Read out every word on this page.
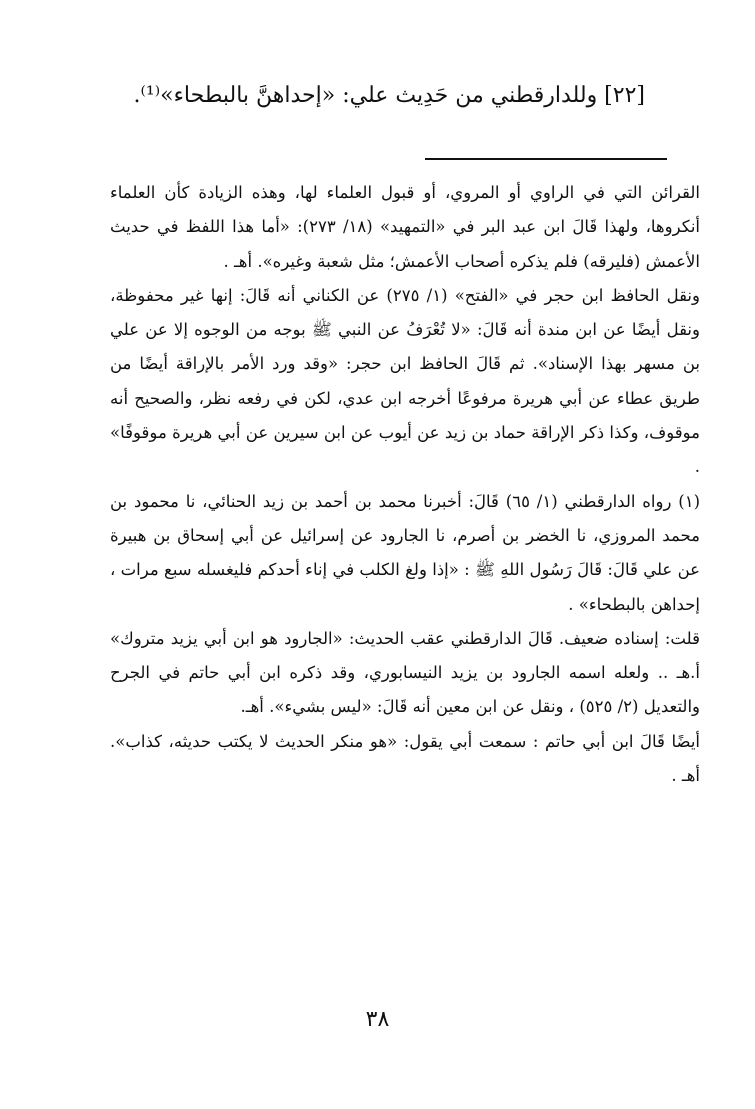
[٢٢] وللدارقطني من حَدِيث علي: «إحداهنَّ بالبطحاء»⁽¹⁾.

القرائن التي في الراوي أو المروي، أو قبول العلماء لها، وهذه الزيادة كأن العلماء أنكروها، ولهذا قَالَ ابن عبد البر في «التمهيد» (١٨/ ٢٧٣): «أما هذا اللفظ في حديث الأعمش (فليرقه) فلم يذكره أصحاب الأعمش؛ مثل شعبة وغيره». أهـ .

ونقل الحافظ ابن حجر في «الفتح» (١/ ٢٧٥) عن الكناني أنه قَالَ: إنها غير محفوظة، ونقل أيضًا عن ابن مندة أنه قَالَ: «لا تُعْرَفُ عن النبي ﷺ بوجه من الوجوه إلا عن علي بن مسهر بهذا الإسناد». ثم قَالَ الحافظ ابن حجر: «وقد ورد الأمر بالإراقة أيضًا من طريق عطاء عن أبي هريرة مرفوعًا أخرجه ابن عدي، لكن في رفعه نظر، والصحيح أنه موقوف، وكذا ذكر الإراقة حماد بن زيد عن أيوب عن ابن سيرين عن أبي هريرة موقوفًا» .

(١) رواه الدارقطني (١/ ٦٥) قَالَ: أخبرنا محمد بن أحمد بن زيد الحنائي، نا محمود بن محمد المروزي، نا الخضر بن أصرم، نا الجارود عن إسرائيل عن أبي إسحاق بن هبيرة عن علي قَالَ: قَالَ رَسُول اللهِ ﷺ : «إذا ولغ الكلب في إناء أحدكم فليغسله سبع مرات ، إحداهن بالبطحاء» .

قلت: إسناده ضعيف. قَالَ الدارقطني عقب الحديث: «الجارود هو ابن أبي يزيد متروك» أ.هـ .. ولعله اسمه الجارود بن يزيد النيسابوري، وقد ذكره ابن أبي حاتم في الجرح والتعديل (٢/ ٥٢٥) ، ونقل عن ابن معين أنه قَالَ: «ليس بشيء». أهـ.

أيضًا قَالَ ابن أبي حاتم : سمعت أبي يقول: «هو منكر الحديث لا يكتب حديثه، كذاب». أهـ .

٣٨
